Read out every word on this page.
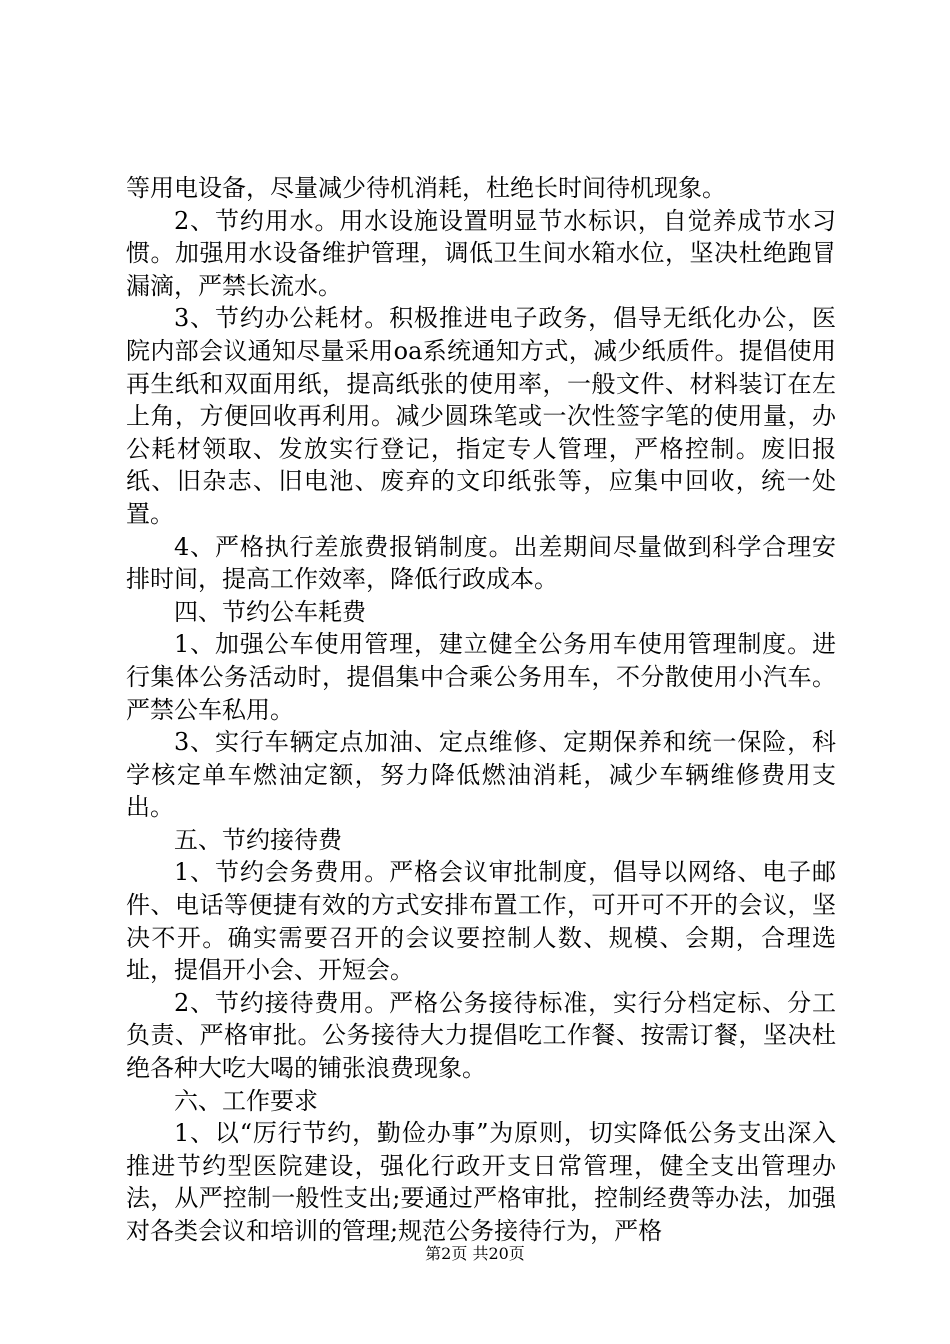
等用电设备，尽量减少待机消耗，杜绝长时间待机现象。

2、节约用水。用水设施设置明显节水标识，自觉养成节水习惯。加强用水设备维护管理，调低卫生间水箱水位，坚决杜绝跑冒漏滴，严禁长流水。

3、节约办公耗材。积极推进电子政务，倡导无纸化办公，医院内部会议通知尽量采用oa系统通知方式，减少纸质件。提倡使用再生纸和双面用纸，提高纸张的使用率，一般文件、材料装订在左上角，方便回收再利用。减少圆珠笔或一次性签字笔的使用量，办公耗材领取、发放实行登记，指定专人管理，严格控制。废旧报纸、旧杂志、旧电池、废弃的文印纸张等，应集中回收，统一处置。

4、严格执行差旅费报销制度。出差期间尽量做到科学合理安排时间，提高工作效率，降低行政成本。

四、节约公车耗费

1、加强公车使用管理，建立健全公务用车使用管理制度。进行集体公务活动时，提倡集中合乘公务用车，不分散使用小汽车。严禁公车私用。

3、实行车辆定点加油、定点维修、定期保养和统一保险，科学核定单车燃油定额，努力降低燃油消耗，减少车辆维修费用支出。

五、节约接待费

1、节约会务费用。严格会议审批制度，倡导以网络、电子邮件、电话等便捷有效的方式安排布置工作，可开可不开的会议，坚决不开。确实需要召开的会议要控制人数、规模、会期，合理选址，提倡开小会、开短会。

2、节约接待费用。严格公务接待标准，实行分档定标、分工负责、严格审批。公务接待大力提倡吃工作餐、按需订餐，坚决杜绝各种大吃大喝的铺张浪费现象。

六、工作要求

1、以“厉行节约，勤俭办事”为原则，切实降低公务支出深入推进节约型医院建设，强化行政开支日常管理，健全支出管理办法，从严控制一般性支出;要通过严格审批，控制经费等办法，加强对各类会议和培训的管理;规范公务接待行为，严格

第2页 共20页
